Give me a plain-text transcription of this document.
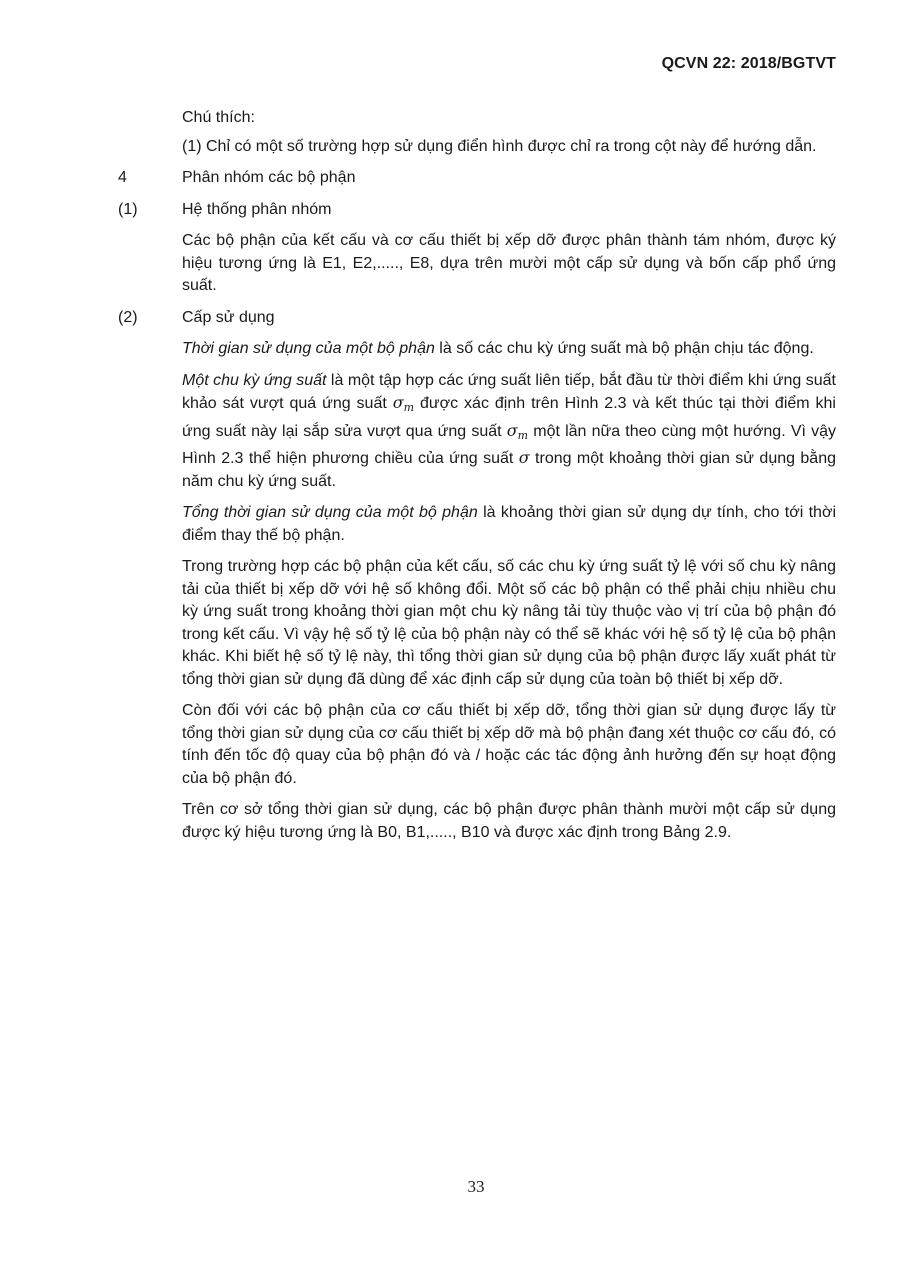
QCVN 22: 2018/BGTVT

Chú thích:

(1) Chỉ có một số trường hợp sử dụng điển hình được chỉ ra trong cột này để hướng dẫn.

4	Phân nhóm các bộ phận
(1)	Hệ thống phân nhóm

Các bộ phận của kết cấu và cơ cấu thiết bị xếp dỡ được phân thành tám nhóm, được ký hiệu tương ứng là E1, E2,....., E8, dựa trên mười một cấp sử dụng và bốn cấp phổ ứng suất.

(2)	Cấp sử dụng

Thời gian sử dụng của một bộ phận là số các chu kỳ ứng suất mà bộ phận chịu tác động.

Một chu kỳ ứng suất là một tập hợp các ứng suất liên tiếp, bắt đầu từ thời điểm khi ứng suất khảo sát vượt quá ứng suất $\sigma_m$ được xác định trên Hình 2.3 và kết thúc tại thời điểm khi ứng suất này lại sắp sửa vượt qua ứng suất $\sigma_m$ một lần nữa theo cùng một hướng. Vì vậy Hình 2.3 thể hiện phương chiều của ứng suất σ trong một khoảng thời gian sử dụng bằng năm chu kỳ ứng suất.

Tổng thời gian sử dụng của một bộ phận là khoảng thời gian sử dụng dự tính, cho tới thời điểm thay thế bộ phận.

Trong trường hợp các bộ phận của kết cấu, số các chu kỳ ứng suất tỷ lệ với số chu kỳ nâng tải của thiết bị xếp dỡ với hệ số không đổi. Một số các bộ phận có thể phải chịu nhiều chu kỳ ứng suất trong khoảng thời gian một chu kỳ nâng tải tùy thuộc vào vị trí của bộ phận đó trong kết cấu. Vì vậy hệ số tỷ lệ của bộ phận này có thể sẽ khác với hệ số tỷ lệ của bộ phận khác. Khi biết hệ số tỷ lệ này, thì tổng thời gian sử dụng của bộ phận được lấy xuất phát từ tổng thời gian sử dụng đã dùng để xác định cấp sử dụng của toàn bộ thiết bị xếp dỡ.

Còn đối với các bộ phận của cơ cấu thiết bị xếp dỡ, tổng thời gian sử dụng được lấy từ tổng thời gian sử dụng của cơ cấu thiết bị xếp dỡ mà bộ phận đang xét thuộc cơ cấu đó, có tính đến tốc độ quay của bộ phận đó và / hoặc các tác động ảnh hưởng đến sự hoạt động của bộ phận đó.

Trên cơ sở tổng thời gian sử dụng, các bộ phận được phân thành mười một cấp sử dụng được ký hiệu tương ứng là B0, B1,....., B10 và được xác định trong Bảng 2.9.

33
